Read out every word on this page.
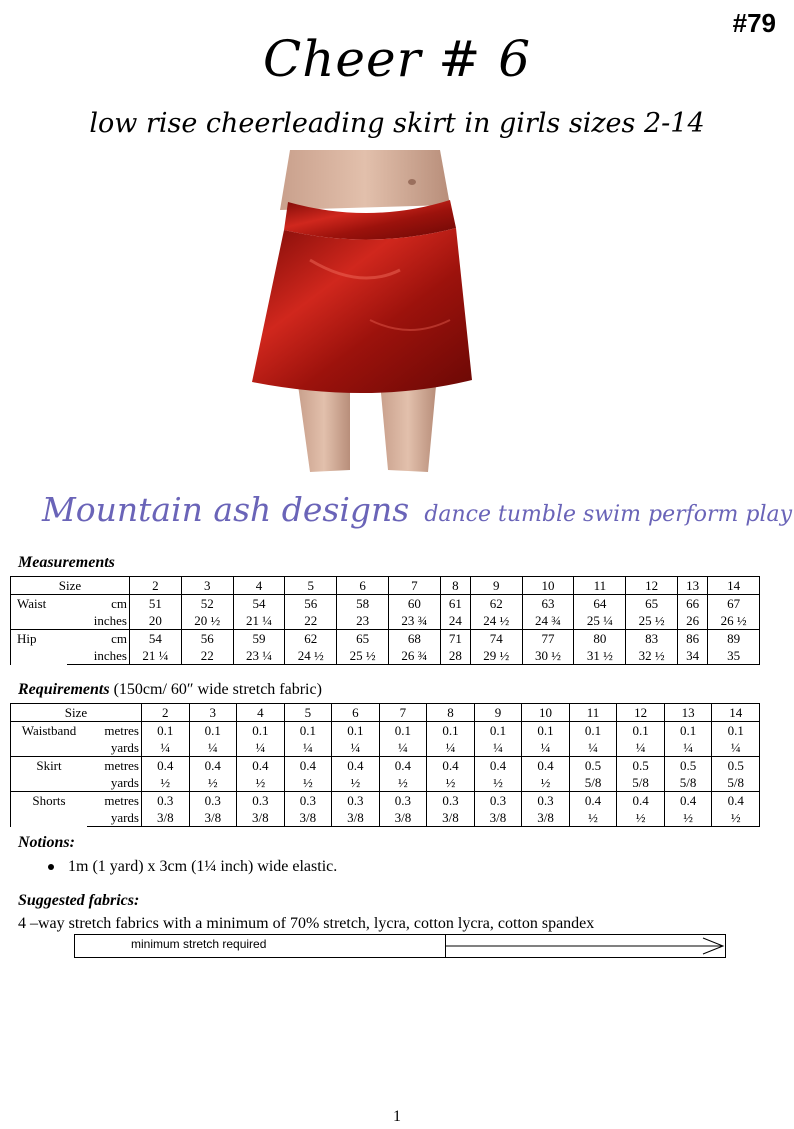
#79
Cheer # 6
low rise cheerleading skirt in girls sizes 2-14
Mountain ash designs dance tumble swim perform play
Measurements
Size		2	3	4	5	6	7	8	9	10	11	12	13	14
Waist	cm	51	52	54	56	58	60	61	62	63	64	65	66	67
	inches	20	20 ½	21 ¼	22	23	23 ¾	24	24 ½	24 ¾	25 ¼	25 ½	26	26 ½
Hip	cm	54	56	59	62	65	68	71	74	77	80	83	86	89
	inches	21 ¼	22	23 ¼	24 ½	25 ½	26 ¾	28	29 ½	30 ½	31 ½	32 ½	34	35
Requirements (150cm/ 60″ wide stretch fabric)
Size		2	3	4	5	6	7	8	9	10	11	12	13	14
Waistband	metres	0.1	0.1	0.1	0.1	0.1	0.1	0.1	0.1	0.1	0.1	0.1	0.1	0.1
	yards	¼	¼	¼	¼	¼	¼	¼	¼	¼	¼	¼	¼	¼
Skirt	metres	0.4	0.4	0.4	0.4	0.4	0.4	0.4	0.4	0.4	0.5	0.5	0.5	0.5
	yards	½	½	½	½	½	½	½	½	½	5/8	5/8	5/8	5/8
Shorts	metres	0.3	0.3	0.3	0.3	0.3	0.3	0.3	0.3	0.3	0.4	0.4	0.4	0.4
	yards	3/8	3/8	3/8	3/8	3/8	3/8	3/8	3/8	3/8	½	½	½	½
Notions:
1m (1 yard) x 3cm (1¼ inch) wide elastic.
Suggested fabrics:
4 –way stretch fabrics with a minimum of 70% stretch, lycra, cotton lycra, cotton spandex
minimum stretch required
1
